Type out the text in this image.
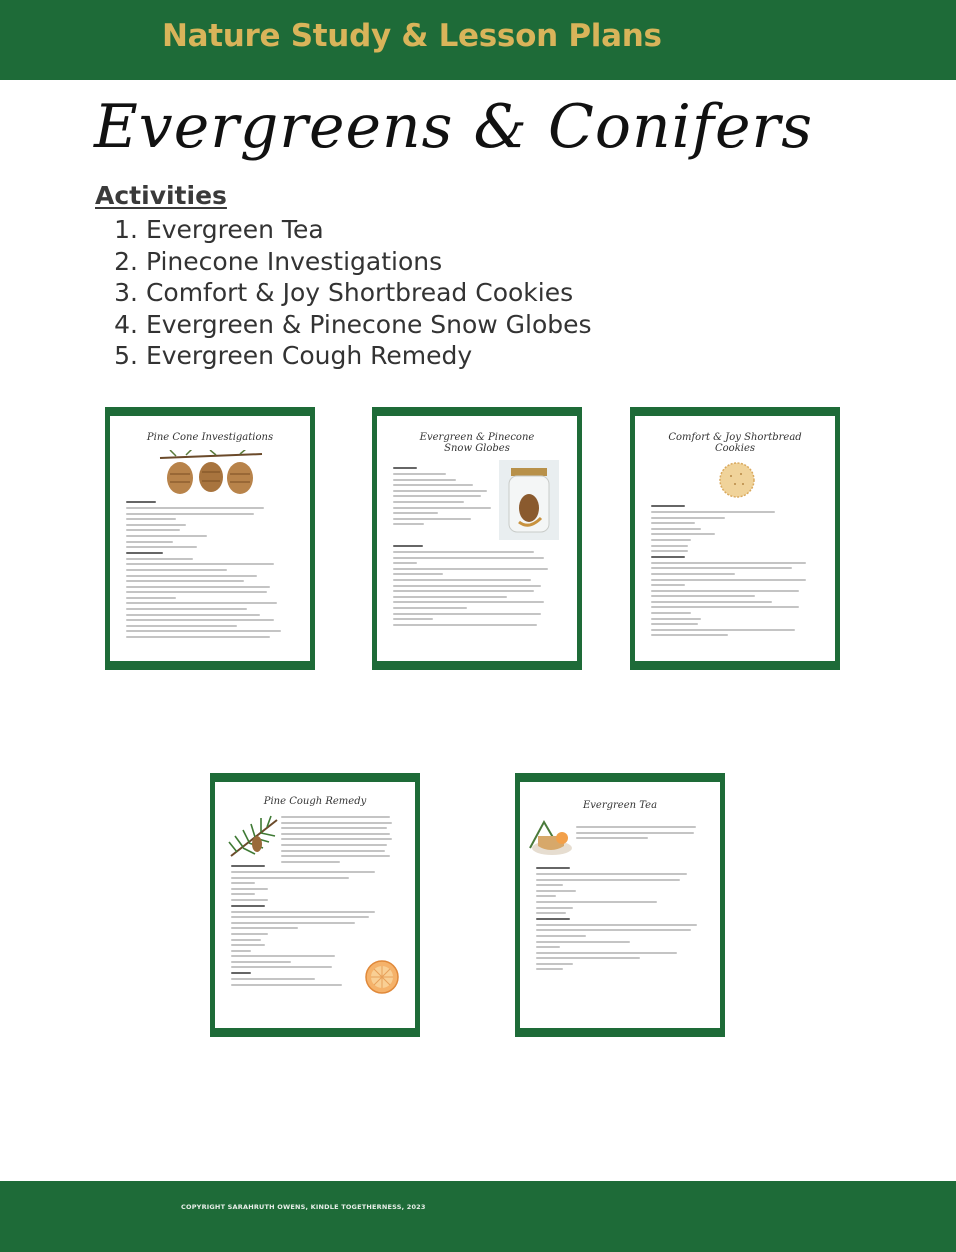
Nature Study & Lesson Plans
Evergreens & Conifers
Activities
1. Evergreen Tea
2. Pinecone Investigations
3. Comfort & Joy Shortbread Cookies
4. Evergreen & Pinecone Snow Globes
5. Evergreen Cough Remedy
Pine Cone Investigations	Evergreen & Pinecone Snow Globes
Comfort & Joy Shortbread Cookies
Pine Cough Remedy	Evergreen Tea
COPYRIGHT SARAHRUTH OWENS, KINDLE TOGETHERNESS, 2023
